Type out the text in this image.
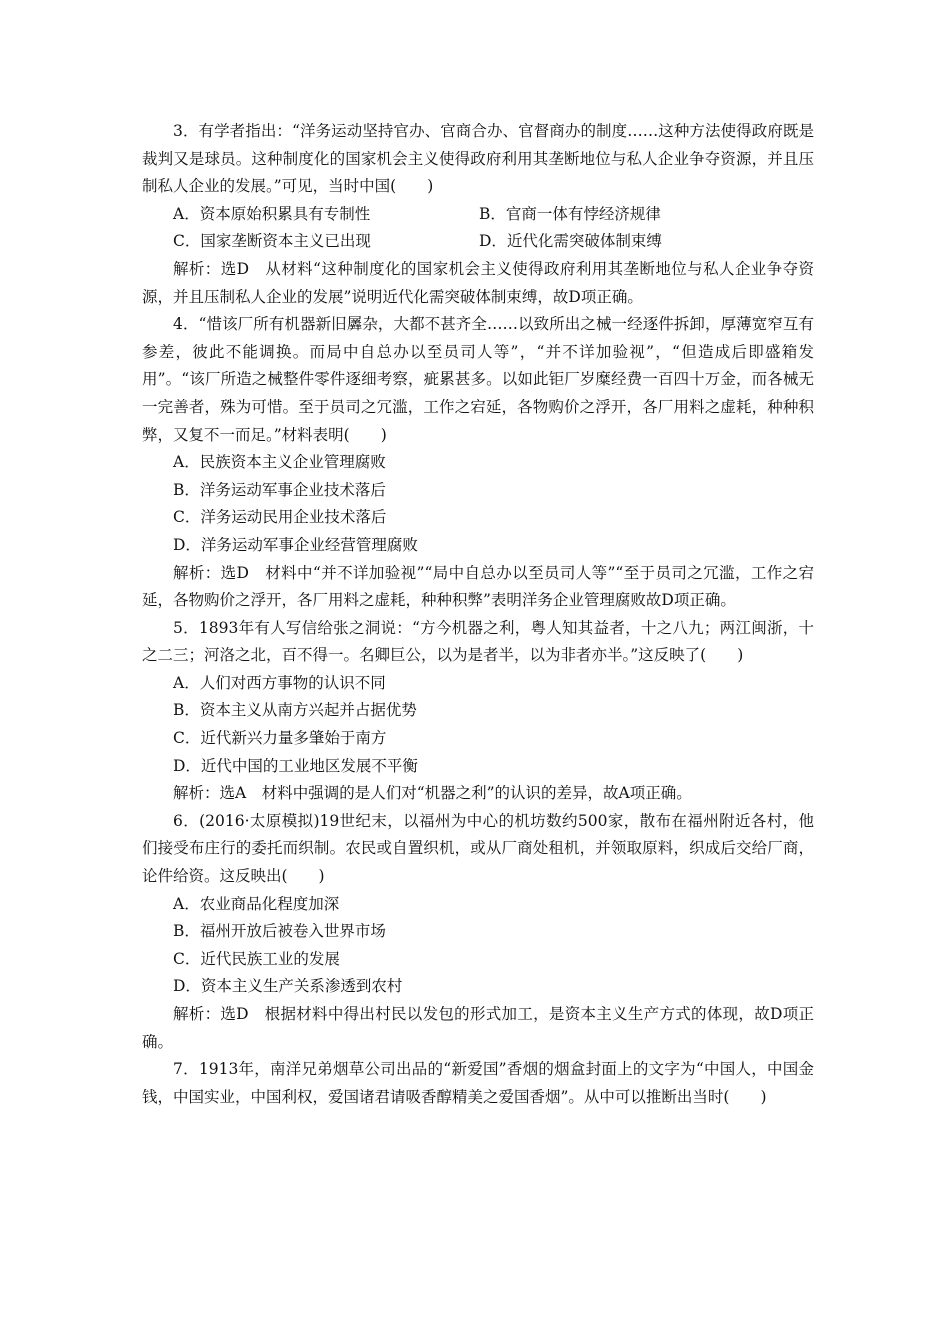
3．有学者指出：“洋务运动坚持官办、官商合办、官督商办的制度……这种方法使得政府既是裁判又是球员。这种制度化的国家机会主义使得政府利用其垄断地位与私人企业争夺资源，并且压制私人企业的发展。”可见，当时中国(　　)

A．资本原始积累具有专制性	B．官商一体有悖经济规律
C．国家垄断资本主义已出现	D．近代化需突破体制束缚

解析：选D　从材料“这种制度化的国家机会主义使得政府利用其垄断地位与私人企业争夺资源，并且压制私人企业的发展”说明近代化需突破体制束缚，故D项正确。

4．“惜该厂所有机器新旧羼杂，大都不甚齐全……以致所出之械一经逐件拆卸，厚薄宽窄互有参差，彼此不能调换。而局中自总办以至员司人等”，“并不详加验视”，“但造成后即盛箱发用”。“该厂所造之械整件零件逐细考察，疵累甚多。以如此钜厂岁糜经费一百四十万金，而各械无一完善者，殊为可惜。至于员司之冗滥，工作之宕延，各物购价之浮开，各厂用料之虚耗，种种积弊，又复不一而足。”材料表明(　　)

A．民族资本主义企业管理腐败

B．洋务运动军事企业技术落后

C．洋务运动民用企业技术落后

D．洋务运动军事企业经营管理腐败

解析：选D　材料中“并不详加验视”“局中自总办以至员司人等”“至于员司之冗滥，工作之宕延，各物购价之浮开，各厂用料之虚耗，种种积弊”表明洋务企业管理腐败故D项正确。

5．1893年有人写信给张之洞说：“方今机器之利，粤人知其益者，十之八九；两江闽浙，十之二三；河洛之北，百不得一。名卿巨公，以为是者半，以为非者亦半。”这反映了(　　)

A．人们对西方事物的认识不同

B．资本主义从南方兴起并占据优势

C．近代新兴力量多肇始于南方

D．近代中国的工业地区发展不平衡

解析：选A　材料中强调的是人们对“机器之利”的认识的差异，故A项正确。

6．(2016·太原模拟)19世纪末，以福州为中心的机坊数约500家，散布在福州附近各村，他们接受布庄行的委托而织制。农民或自置织机，或从厂商处租机，并领取原料，织成后交给厂商，论件给资。这反映出(　　)

A．农业商品化程度加深

B．福州开放后被卷入世界市场

C．近代民族工业的发展

D．资本主义生产关系渗透到农村

解析：选D　根据材料中得出村民以发包的形式加工，是资本主义生产方式的体现，故D项正确。

7．1913年，南洋兄弟烟草公司出品的“新爱国”香烟的烟盒封面上的文字为“中国人，中国金钱，中国实业，中国利权，爱国诸君请吸香醇精美之爱国香烟”。从中可以推断出当时(　　)
